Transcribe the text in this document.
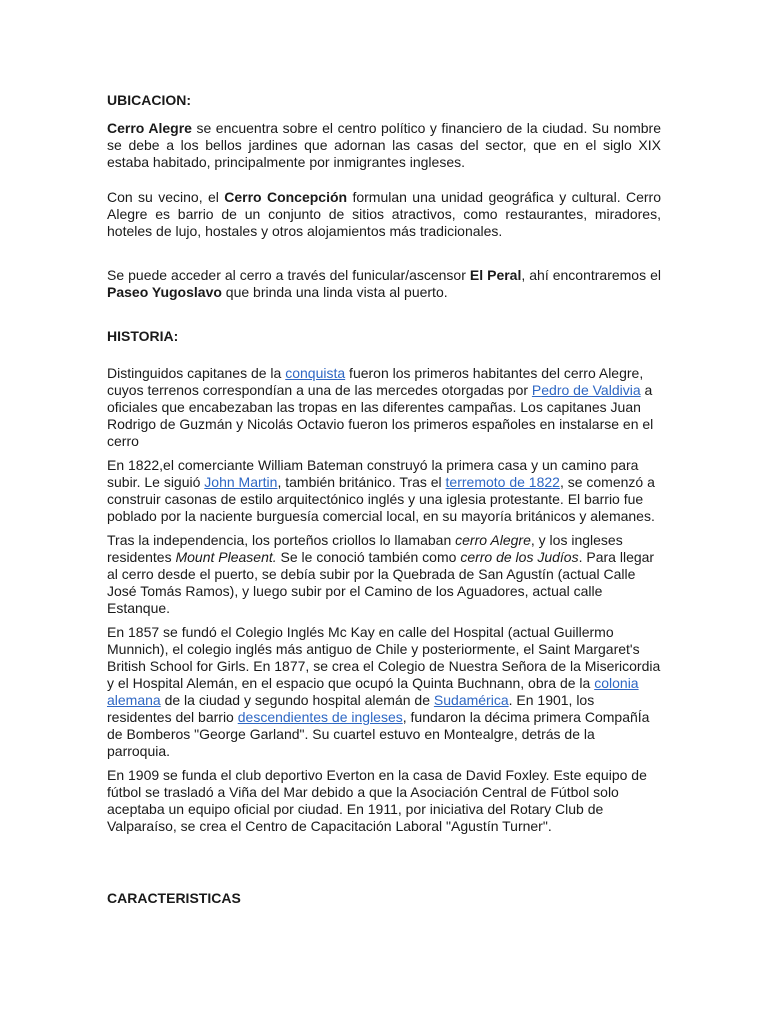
UBICACION:

Cerro Alegre se encuentra sobre el centro político y financiero de la ciudad. Su nombre se debe a los bellos jardines que adornan las casas del sector, que en el siglo XIX estaba habitado, principalmente por inmigrantes ingleses.

Con su vecino, el Cerro Concepción formulan una unidad geográfica y cultural. Cerro Alegre es barrio de un conjunto de sitios atractivos, como restaurantes, miradores, hoteles de lujo, hostales y otros alojamientos más tradicionales.

Se puede acceder al cerro a través del funicular/ascensor El Peral, ahí encontraremos el Paseo Yugoslavo que brinda una linda vista al puerto.

HISTORIA:

Distinguidos capitanes de la conquista fueron los primeros habitantes del cerro Alegre, cuyos terrenos correspondían a una de las mercedes otorgadas por Pedro de Valdivia a oficiales que encabezaban las tropas en las diferentes campañas. Los capitanes Juan Rodrigo de Guzmán y Nicolás Octavio fueron los primeros españoles en instalarse en el cerro

En 1822,el comerciante William Bateman construyó la primera casa y un camino para subir. Le siguió John Martin, también británico. Tras el terremoto de 1822, se comenzó a construir casonas de estilo arquitectónico inglés y una iglesia protestante. El barrio fue poblado por la naciente burguesía comercial local, en su mayoría británicos y alemanes.

Tras la independencia, los porteños criollos lo llamaban cerro Alegre, y los ingleses residentes Mount Pleasent. Se le conoció también como cerro de los Judíos. Para llegar al cerro desde el puerto, se debía subir por la Quebrada de San Agustín (actual Calle José Tomás Ramos), y luego subir por el Camino de los Aguadores, actual calle Estanque.

En 1857 se fundó el Colegio Inglés Mc Kay en calle del Hospital (actual Guillermo Munnich), el colegio inglés más antiguo de Chile y posteriormente, el Saint Margaret's British School for Girls. En 1877, se crea el Colegio de Nuestra Señora de la Misericordia y el Hospital Alemán, en el espacio que ocupó la Quinta Buchnann, obra de la colonia alemana de la ciudad y segundo hospital alemán de Sudamérica. En 1901, los residentes del barrio descendientes de ingleses, fundaron la décima primera CompañÍa de Bomberos "George Garland". Su cuartel estuvo en Montealgre, detrás de la parroquia.

En 1909 se funda el club deportivo Everton en la casa de David Foxley. Este equipo de fútbol se trasladó a Viña del Mar debido a que la Asociación Central de Fútbol solo aceptaba un equipo oficial por ciudad. En 1911, por iniciativa del Rotary Club de Valparaíso, se crea el Centro de Capacitación Laboral "Agustín Turner".

CARACTERISTICAS
